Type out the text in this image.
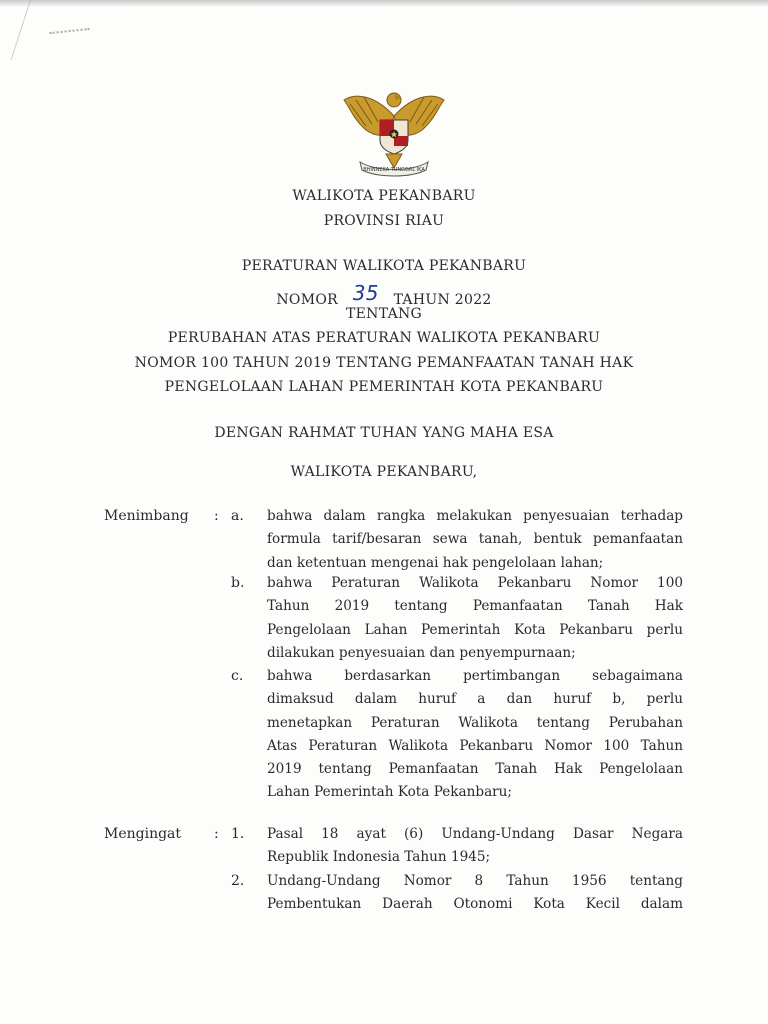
BHINNEKA TUNGGAL IKA
WALIKOTA PEKANBARU
PROVINSI RIAU
PERATURAN WALIKOTA PEKANBARU
NOMOR 35 TAHUN 2022
TENTANG
PERUBAHAN ATAS PERATURAN WALIKOTA PEKANBARU
NOMOR 100 TAHUN 2019 TENTANG PEMANFAATAN TANAH HAK
PENGELOLAAN LAHAN PEMERINTAH KOTA PEKANBARU
DENGAN RAHMAT TUHAN YANG MAHA ESA
WALIKOTA PEKANBARU,
Menimbang : a. bahwa dalam rangka melakukan penyesuaian terhadap
formula tarif/besaran sewa tanah, bentuk pemanfaatan
dan ketentuan mengenai hak pengelolaan lahan;
b. bahwa Peraturan Walikota Pekanbaru Nomor 100
Tahun 2019 tentang Pemanfaatan Tanah Hak
Pengelolaan Lahan Pemerintah Kota Pekanbaru perlu
dilakukan penyesuaian dan penyempurnaan;
c. bahwa berdasarkan pertimbangan sebagaimana
dimaksud dalam huruf a dan huruf b, perlu
menetapkan Peraturan Walikota tentang Perubahan
Atas Peraturan Walikota Pekanbaru Nomor 100 Tahun
2019 tentang Pemanfaatan Tanah Hak Pengelolaan
Lahan Pemerintah Kota Pekanbaru;
Mengingat : 1. Pasal 18 ayat (6) Undang-Undang Dasar Negara
Republik Indonesia Tahun 1945;
2. Undang-Undang Nomor 8 Tahun 1956 tentang
Pembentukan Daerah Otonomi Kota Kecil dalam
